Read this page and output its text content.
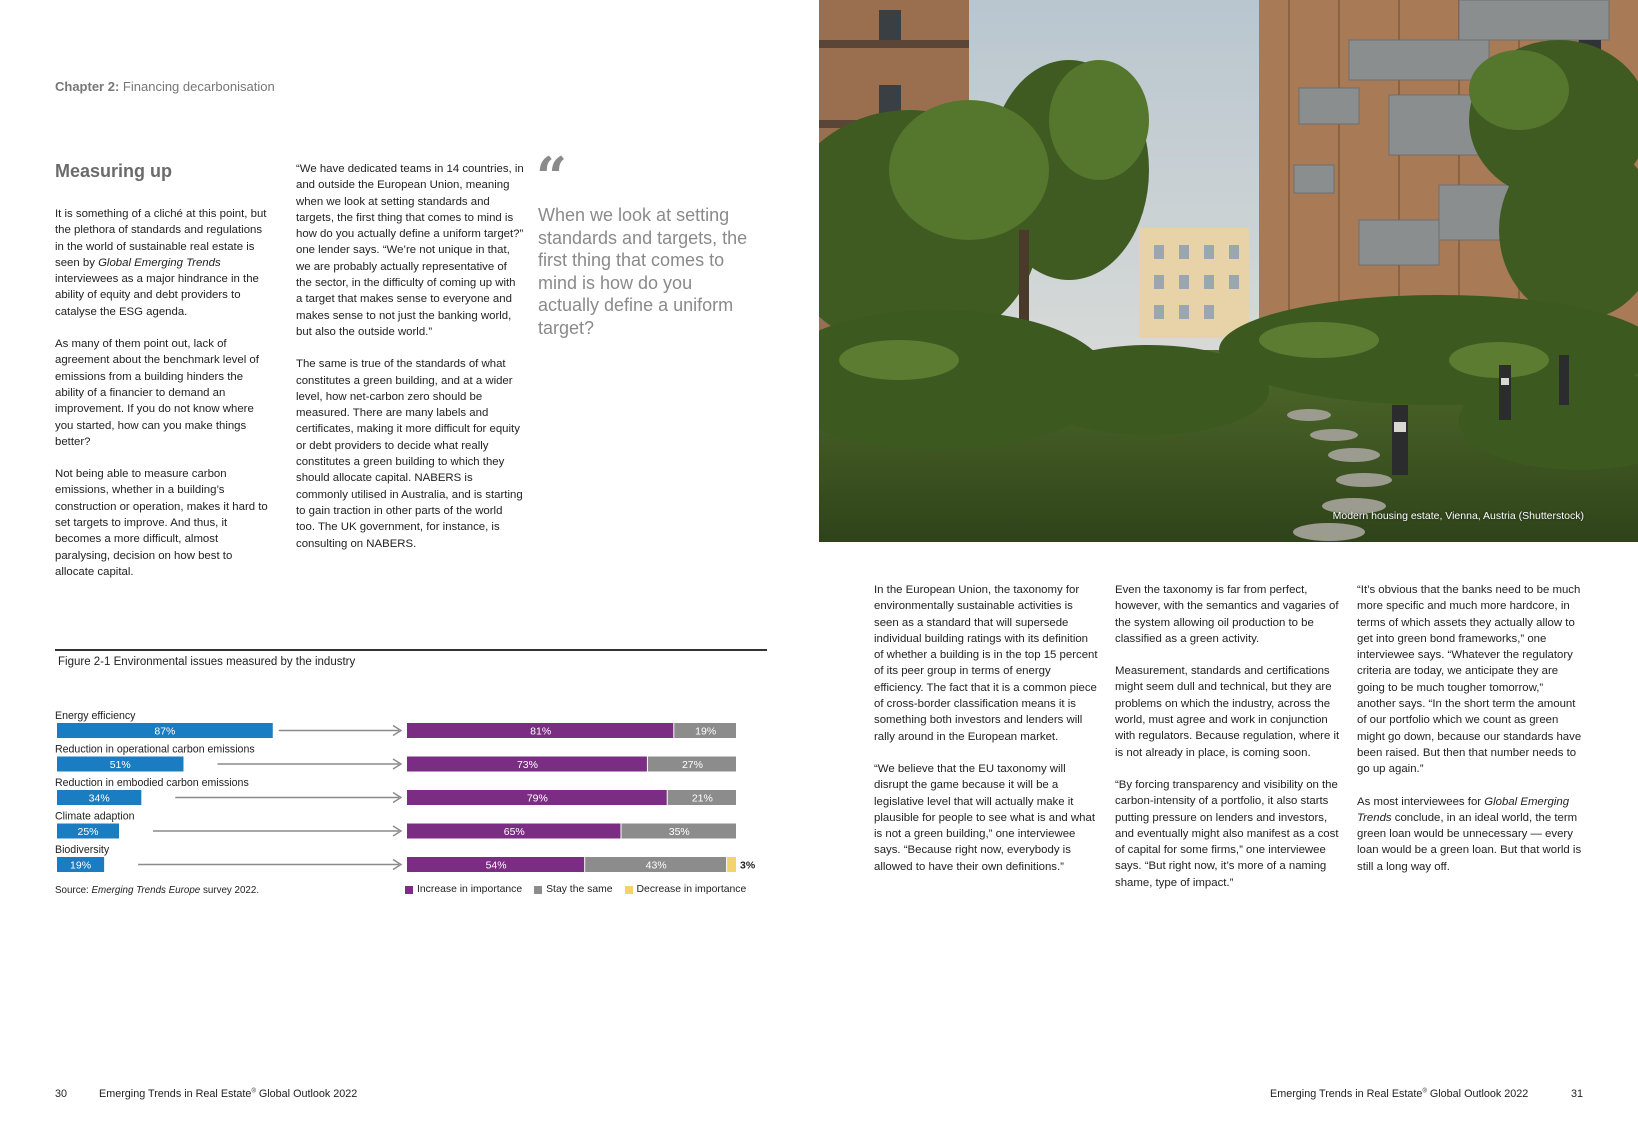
Chapter 2: Financing decarbonisation
Measuring up

It is something of a cliché at this point, but the plethora of standards and regulations in the world of sustainable real estate is seen by Global Emerging Trends interviewees as a major hindrance in the ability of equity and debt providers to catalyse the ESG agenda.

As many of them point out, lack of agreement about the benchmark level of emissions from a building hinders the ability of a financier to demand an improvement. If you do not know where you started, how can you make things better?

Not being able to measure carbon emissions, whether in a building’s construction or operation, makes it hard to set targets to improve. And thus, it becomes a more difficult, almost paralysing, decision on how best to allocate capital.

“We have dedicated teams in 14 countries, in and outside the European Union, meaning when we look at setting standards and targets, the first thing that comes to mind is how do you actually define a uniform target?” one lender says. “We’re not unique in that, we are probably actually representative of the sector, in the difficulty of coming up with a target that makes sense to everyone and makes sense to not just the banking world, but also the outside world.”

The same is true of the standards of what constitutes a green building, and at a wider level, how net-carbon zero should be measured. There are many labels and certificates, making it more difficult for equity or debt providers to decide what really constitutes a green building to which they should allocate capital. NABERS is commonly utilised in Australia, and is starting to gain traction in other parts of the world too. The UK government, for instance, is consulting on NABERS.

“
When we look at setting standards and targets, the first thing that comes to mind is how do you actually define a uniform target?
Figure 2-1 Environmental issues measured by the industry
Energy efficiency
87%	81%	19%
Reduction in operational carbon emissions
51%	73%	27%
Reduction in embodied carbon emissions
34%	79%	21%
Climate adaption
25%	65%	35%
Biodiversity
19%	54%	43%	3%
Source: Emerging Trends Europe survey 2022.	Increase in importance Stay the same Decrease in importance
30	Emerging Trends in Real Estate® Global Outlook 2022
Modern housing estate, Vienna, Austria (Shutterstock)

In the European Union, the taxonomy for environmentally sustainable activities is seen as a standard that will supersede individual building ratings with its definition of whether a building is in the top 15 percent of its peer group in terms of energy efficiency. The fact that it is a common piece of cross-border classification means it is something both investors and lenders will rally around in the European market.

“We believe that the EU taxonomy will disrupt the game because it will be a legislative level that will actually make it plausible for people to see what is and what is not a green building,” one interviewee says. “Because right now, everybody is allowed to have their own definitions.”

Even the taxonomy is far from perfect, however, with the semantics and vagaries of the system allowing oil production to be classified as a green activity.

Measurement, standards and certifications might seem dull and technical, but they are problems on which the industry, across the world, must agree and work in conjunction with regulators. Because regulation, where it is not already in place, is coming soon.

“By forcing transparency and visibility on the carbon-intensity of a portfolio, it also starts putting pressure on lenders and investors, and eventually might also manifest as a cost of capital for some firms,” one interviewee says. “But right now, it’s more of a naming shame, type of impact.”

“It’s obvious that the banks need to be much more specific and much more hardcore, in terms of which assets they actually allow to get into green bond frameworks,” one interviewee says. “Whatever the regulatory criteria are today, we anticipate they are going to be much tougher tomorrow,” another says. “In the short term the amount of our portfolio which we count as green might go down, because our standards have been raised. But then that number needs to go up again.”

As most interviewees for Global Emerging Trends conclude, in an ideal world, the term green loan would be unnecessary — every loan would be a green loan. But that world is still a long way off.

Emerging Trends in Real Estate® Global Outlook 2022	31
